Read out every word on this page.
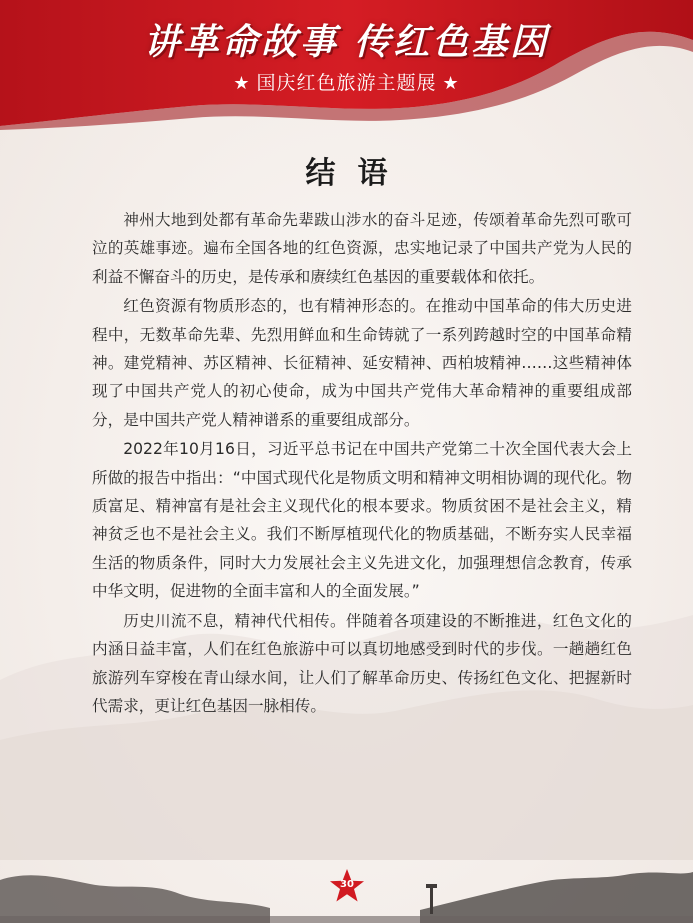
讲革命故事 传红色基因
★ 国庆红色旅游主题展 ★
结语

神州大地到处都有革命先辈跋山涉水的奋斗足迹，传颂着革命先烈可歌可泣的英雄事迹。遍布全国各地的红色资源，忠实地记录了中国共产党为人民的利益不懈奋斗的历史，是传承和赓续红色基因的重要载体和依托。

红色资源有物质形态的，也有精神形态的。在推动中国革命的伟大历史进程中，无数革命先辈、先烈用鲜血和生命铸就了一系列跨越时空的中国革命精神。建党精神、苏区精神、长征精神、延安精神、西柏坡精神……这些精神体现了中国共产党人的初心使命，成为中国共产党伟大革命精神的重要组成部分，是中国共产党人精神谱系的重要组成部分。

2022年10月16日，习近平总书记在中国共产党第二十次全国代表大会上所做的报告中指出：“中国式现代化是物质文明和精神文明相协调的现代化。物质富足、精神富有是社会主义现代化的根本要求。物质贫困不是社会主义，精神贫乏也不是社会主义。我们不断厚植现代化的物质基础，不断夯实人民幸福生活的物质条件，同时大力发展社会主义先进文化，加强理想信念教育，传承中华文明，促进物的全面丰富和人的全面发展。”

历史川流不息，精神代代相传。伴随着各项建设的不断推进，红色文化的内涵日益丰富，人们在红色旅游中可以真切地感受到时代的步伐。一趟趟红色旅游列车穿梭在青山绿水间，让人们了解革命历史、传扬红色文化、把握新时代需求，更让红色基因一脉相传。

30
